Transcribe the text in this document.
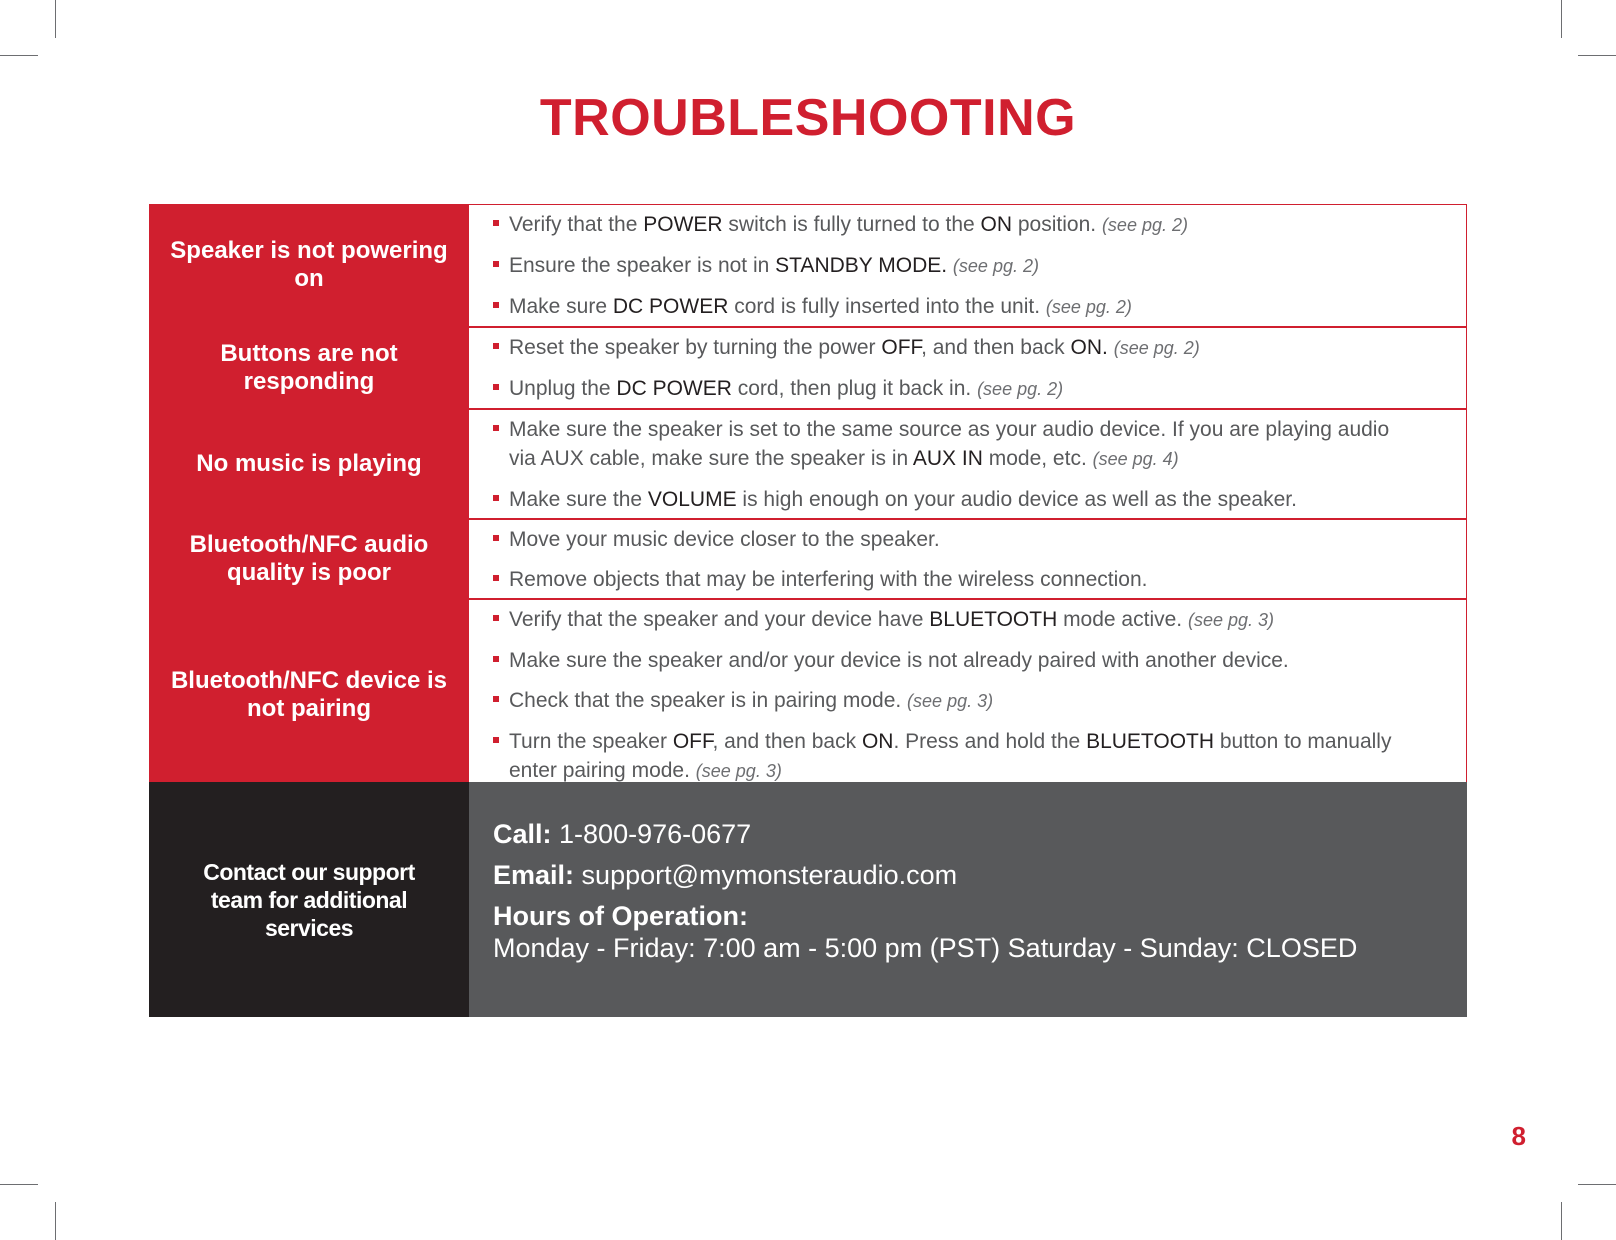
TROUBLESHOOTING
Speaker is not powering on
Verify that the POWER switch is fully turned to the ON position. (see pg. 2)
Ensure the speaker is not in STANDBY MODE. (see pg. 2)
Make sure DC POWER cord is fully inserted into the unit. (see pg. 2)
Buttons are not responding
Reset the speaker by turning the power OFF, and then back ON. (see pg. 2)
Unplug the DC POWER cord, then plug it back in. (see pg. 2)
No music is playing
Make sure the speaker is set to the same source as your audio device. If you are playing audio via AUX cable, make sure the speaker is in AUX IN mode, etc. (see pg. 4)
Make sure the VOLUME is high enough on your audio device as well as the speaker.
Bluetooth/NFC audio quality is poor
Move your music device closer to the speaker.
Remove objects that may be interfering with the wireless connection.
Bluetooth/NFC device is not pairing
Verify that the speaker and your device have BLUETOOTH mode active. (see pg. 3)
Make sure the speaker and/or your device is not already paired with another device.
Check that the speaker is in pairing mode. (see pg. 3)
Turn the speaker OFF, and then back ON. Press and hold the BLUETOOTH button to manually enter pairing mode. (see pg. 3)
Contact our support team for additional services
Call: 1-800-976-0677
Email: support@mymonsteraudio.com
Hours of Operation:
Monday - Friday: 7:00 am - 5:00 pm (PST) Saturday - Sunday: CLOSED
8
